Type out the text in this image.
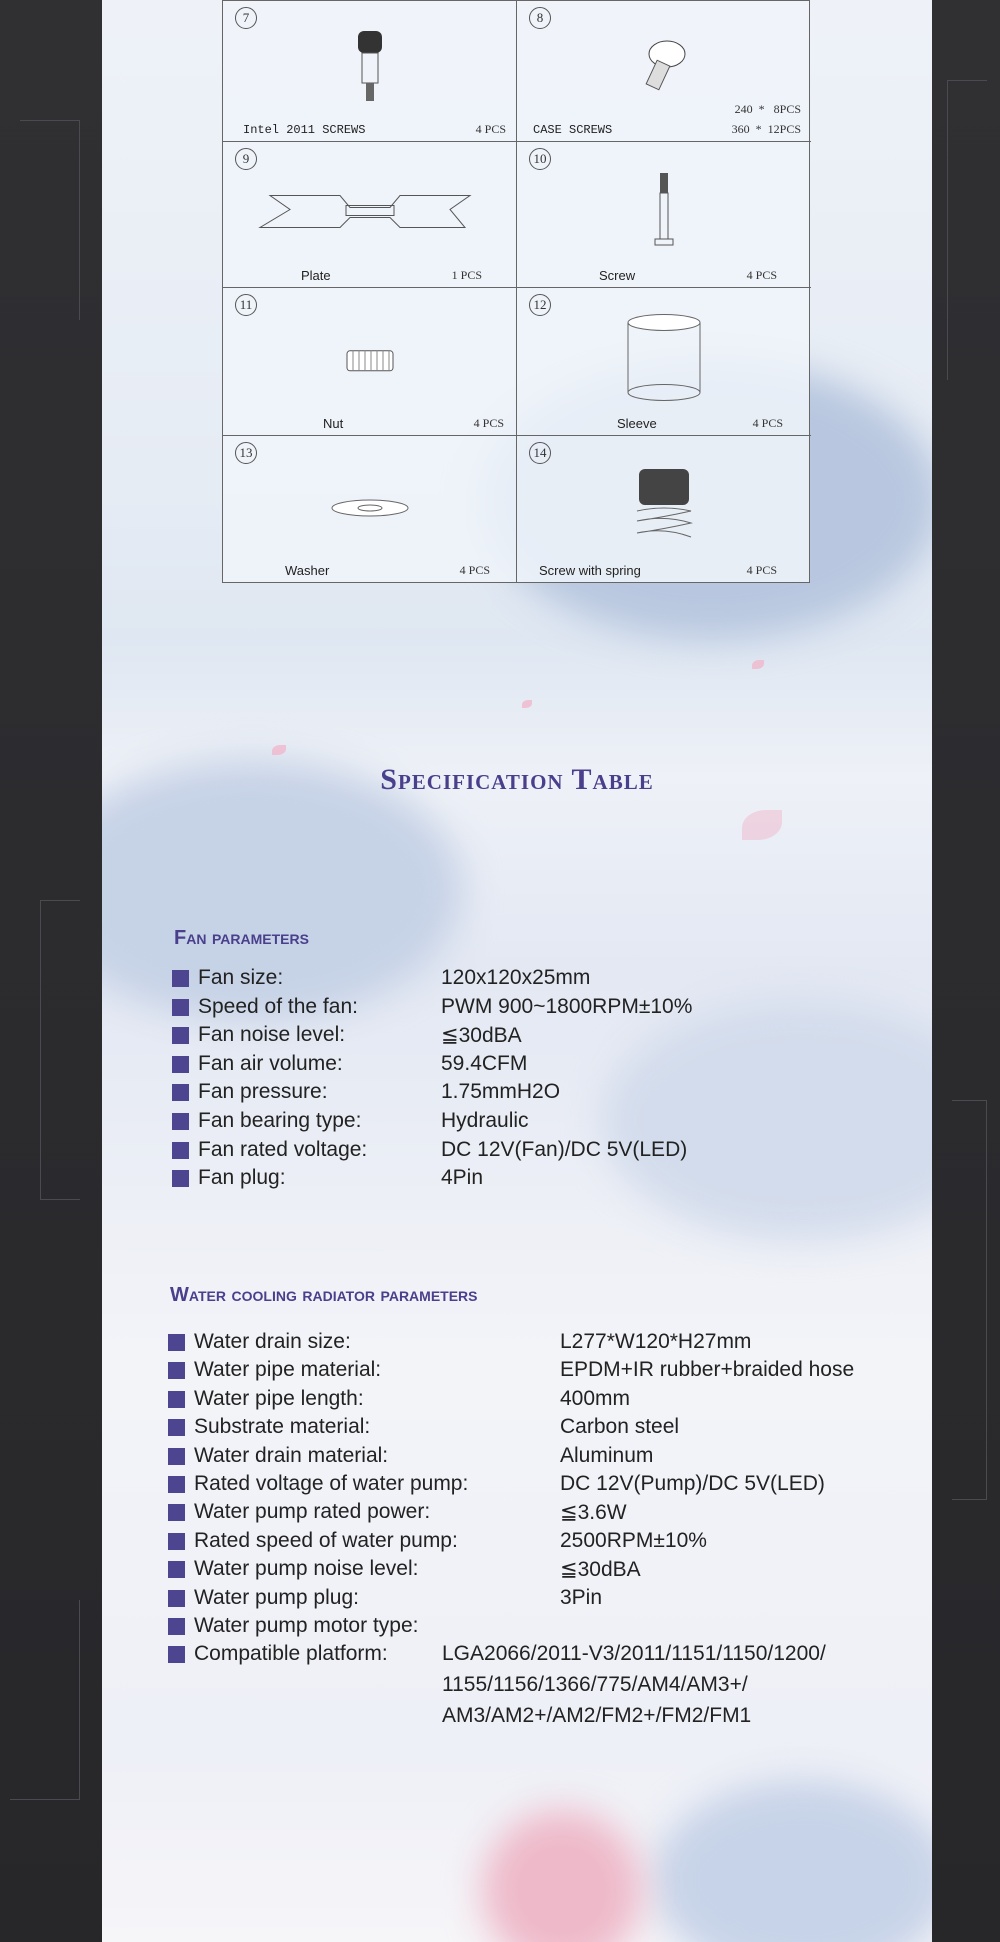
7
Intel 2011 SCREWS	4 PCS
8
CASE SCREWS
240  *   8PCS
360  *  12PCS
9
Plate	1 PCS
10
Screw	4 PCS
11
Nut	4 PCS
12
Sleeve	4 PCS
13
Washer	4 PCS
14
Screw with spring	4 PCS
Specification Table
Fan parameters
Fan size:	120x120x25mm
Speed of the fan:	PWM 900~1800RPM±10%
Fan noise level:	≦30dBA
Fan air volume:	59.4CFM
Fan pressure:	1.75mmH2O
Fan bearing type:	Hydraulic
Fan rated voltage:	DC 12V(Fan)/DC 5V(LED)
Fan plug:	4Pin
Water cooling radiator parameters
Water drain size:	L277*W120*H27mm
Water pipe material:	EPDM+IR rubber+braided hose
Water pipe length:	400mm
Substrate material:	Carbon steel
Water drain material:	Aluminum
Rated voltage of water pump:	DC 12V(Pump)/DC 5V(LED)
Water pump rated power:	≦3.6W
Rated speed of water pump:	2500RPM±10%
Water pump noise level:	≦30dBA
Water pump plug:	3Pin
Water pump motor type:
Compatible platform:	LGA2066/2011-V3/2011/1151/1150/1200/
1155/1156/1366/775/AM4/AM3+/
AM3/AM2+/AM2/FM2+/FM2/FM1
